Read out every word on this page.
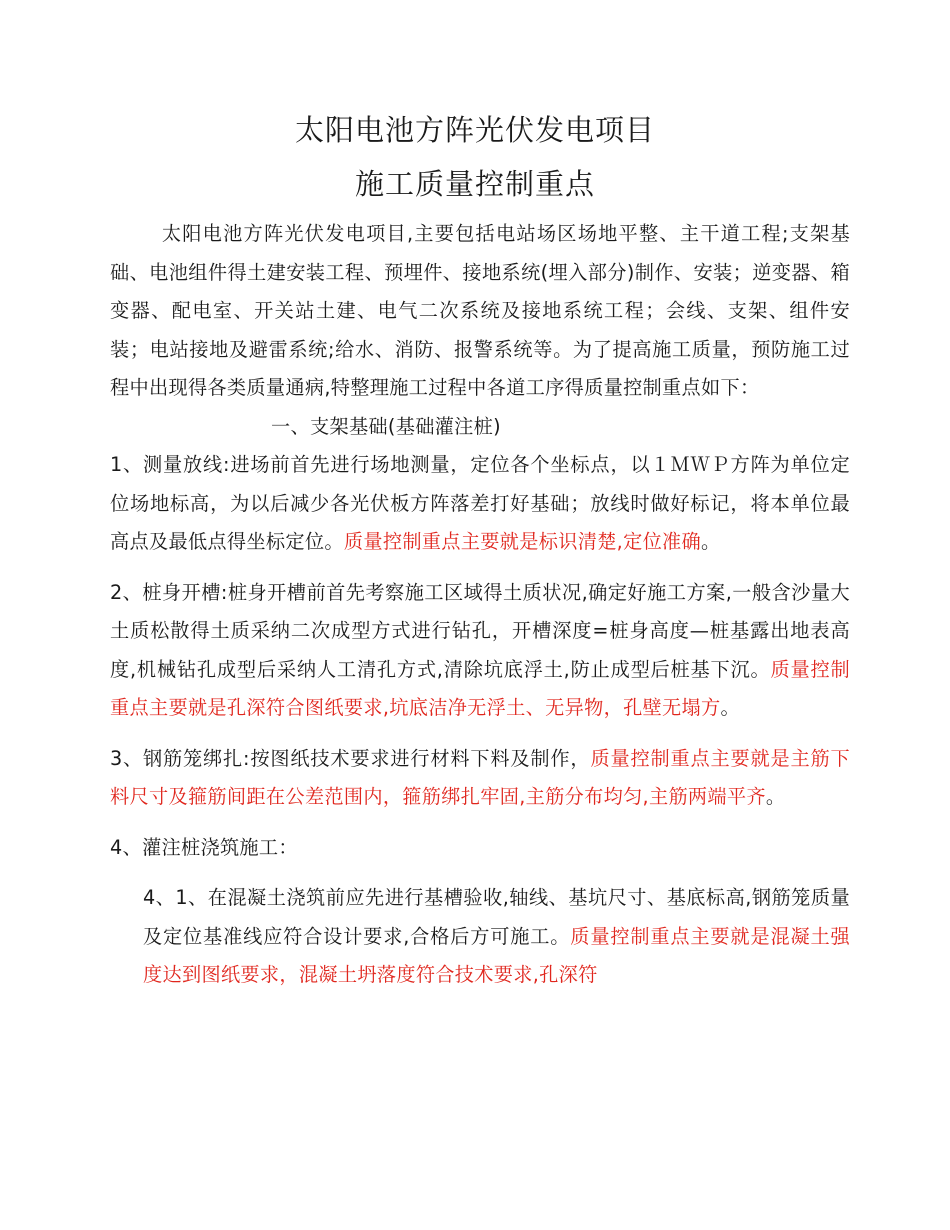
太阳电池方阵光伏发电项目
施工质量控制重点

太阳电池方阵光伏发电项目,主要包括电站场区场地平整、主干道工程;支架基础、电池组件得土建安装工程、预埋件、接地系统(埋入部分)制作、安装；逆变器、箱变器、配电室、开关站土建、电气二次系统及接地系统工程；会线、支架、组件安装；电站接地及避雷系统;给水、消防、报警系统等。为了提高施工质量，预防施工过程中出现得各类质量通病,特整理施工过程中各道工序得质量控制重点如下：

一、支架基础(基础灌注桩)

1、测量放线:进场前首先进行场地测量，定位各个坐标点，以１ＭＷＰ方阵为单位定位场地标高，为以后减少各光伏板方阵落差打好基础；放线时做好标记，将本单位最高点及最低点得坐标定位。质量控制重点主要就是标识清楚,定位准确。

2、桩身开槽:桩身开槽前首先考察施工区域得土质状况,确定好施工方案,一般含沙量大土质松散得土质采纳二次成型方式进行钻孔，开槽深度=桩身高度—桩基露出地表高度,机械钻孔成型后采纳人工清孔方式,清除坑底浮土,防止成型后桩基下沉。质量控制重点主要就是孔深符合图纸要求,坑底洁净无浮土、无异物，孔壁无塌方。

3、钢筋笼绑扎:按图纸技术要求进行材料下料及制作，质量控制重点主要就是主筋下料尺寸及箍筋间距在公差范围内，箍筋绑扎牢固,主筋分布均匀,主筋两端平齐。

4、灌注桩浇筑施工：

4、1、在混凝土浇筑前应先进行基槽验收,轴线、基坑尺寸、基底标高,钢筋笼质量及定位基准线应符合设计要求,合格后方可施工。质量控制重点主要就是混凝土强度达到图纸要求，混凝土坍落度符合技术要求,孔深符
